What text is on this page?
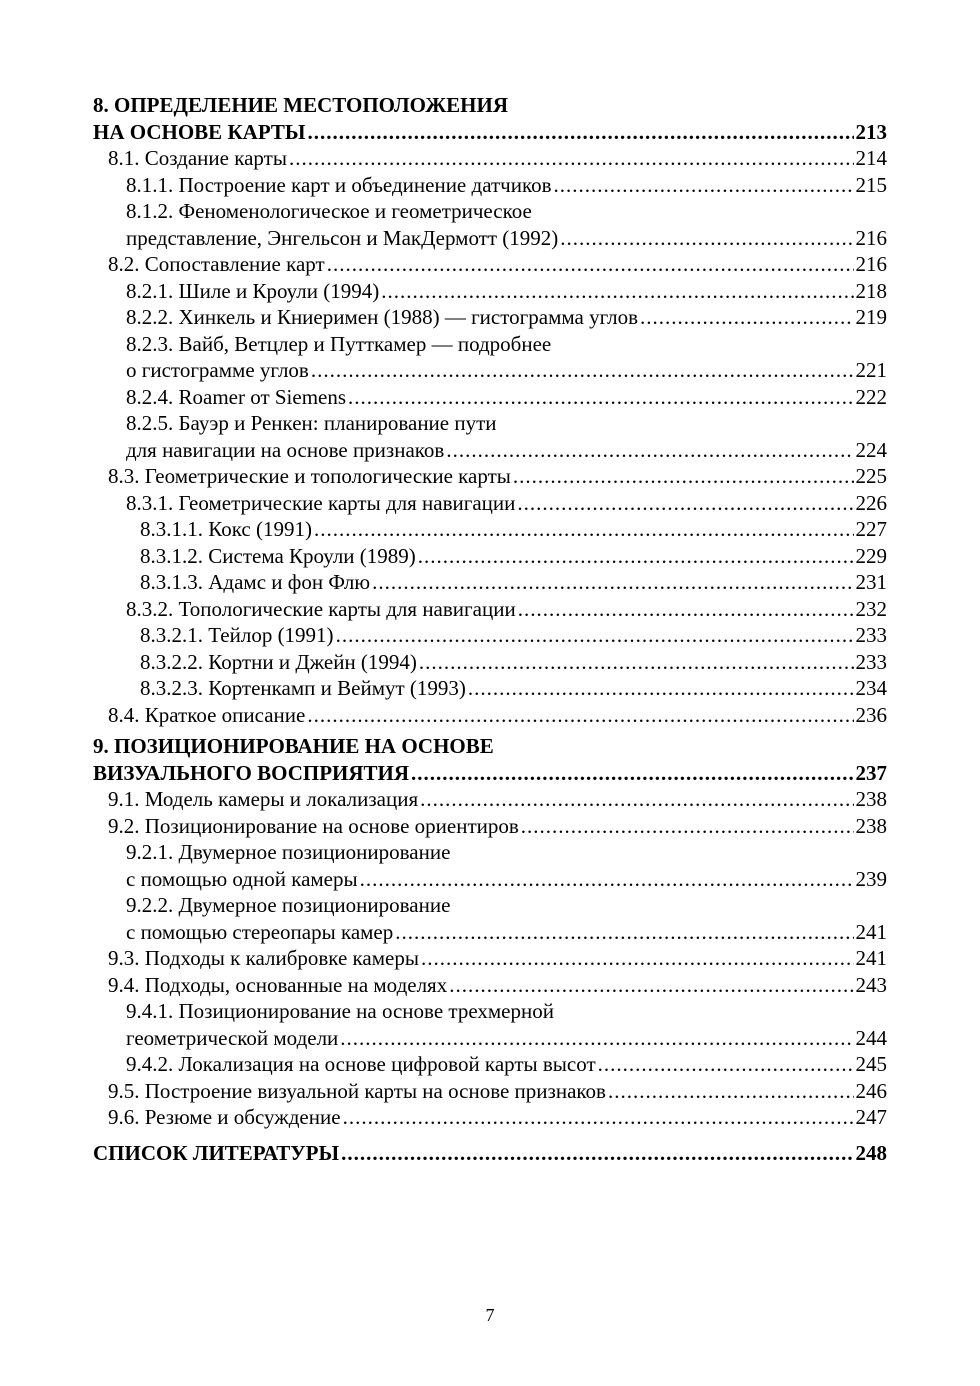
8. ОПРЕДЕЛЕНИЕ МЕСТОПОЛОЖЕНИЯ
НА ОСНОВЕ КАРТЫ .....	213
8.1. Создание карты .....	214
8.1.1. Построение карт и объединение датчиков .....	215
8.1.2. Феноменологическое и геометрическое
представление, Энгельсон и МакДермотт (1992) .....	216
8.2. Сопоставление карт .....	216
8.2.1. Шиле и Кроули (1994) .....	218
8.2.2. Хинкель и Книеримен (1988) — гистограмма углов .....	219
8.2.3. Вайб, Ветцлер и Путткамер — подробнее
о гистограмме углов .....	221
8.2.4. Roamer от Siemens .....	222
8.2.5. Бауэр и Ренкен: планирование пути
для навигации на основе признаков .....	224
8.3. Геометрические и топологические карты .....	225
8.3.1. Геометрические карты для навигации .....	226
8.3.1.1. Кокс (1991) .....	227
8.3.1.2. Система Кроули (1989) .....	229
8.3.1.3. Адамс и фон Флю .....	231
8.3.2. Топологические карты для навигации .....	232
8.3.2.1. Тейлор (1991) .....	233
8.3.2.2. Кортни и Джейн (1994) .....	233
8.3.2.3. Кортенкамп и Веймут (1993) .....	234
8.4. Краткое описание .....	236
9. ПОЗИЦИОНИРОВАНИЕ НА ОСНОВЕ
ВИЗУАЛЬНОГО ВОСПРИЯТИЯ .....	237
9.1. Модель камеры и локализация .....	238
9.2. Позиционирование на основе ориентиров .....	238
9.2.1. Двумерное позиционирование
с помощью одной камеры .....	239
9.2.2. Двумерное позиционирование
с помощью стереопары камер .....	241
9.3. Подходы к калибровке камеры .....	241
9.4. Подходы, основанные на моделях .....	243
9.4.1. Позиционирование на основе трехмерной
геометрической модели .....	244
9.4.2. Локализация на основе цифровой карты высот .....	245
9.5. Построение визуальной карты на основе признаков .....	246
9.6. Резюме и обсуждение .....	247
СПИСОК ЛИТЕРАТУРЫ .....	248
7
